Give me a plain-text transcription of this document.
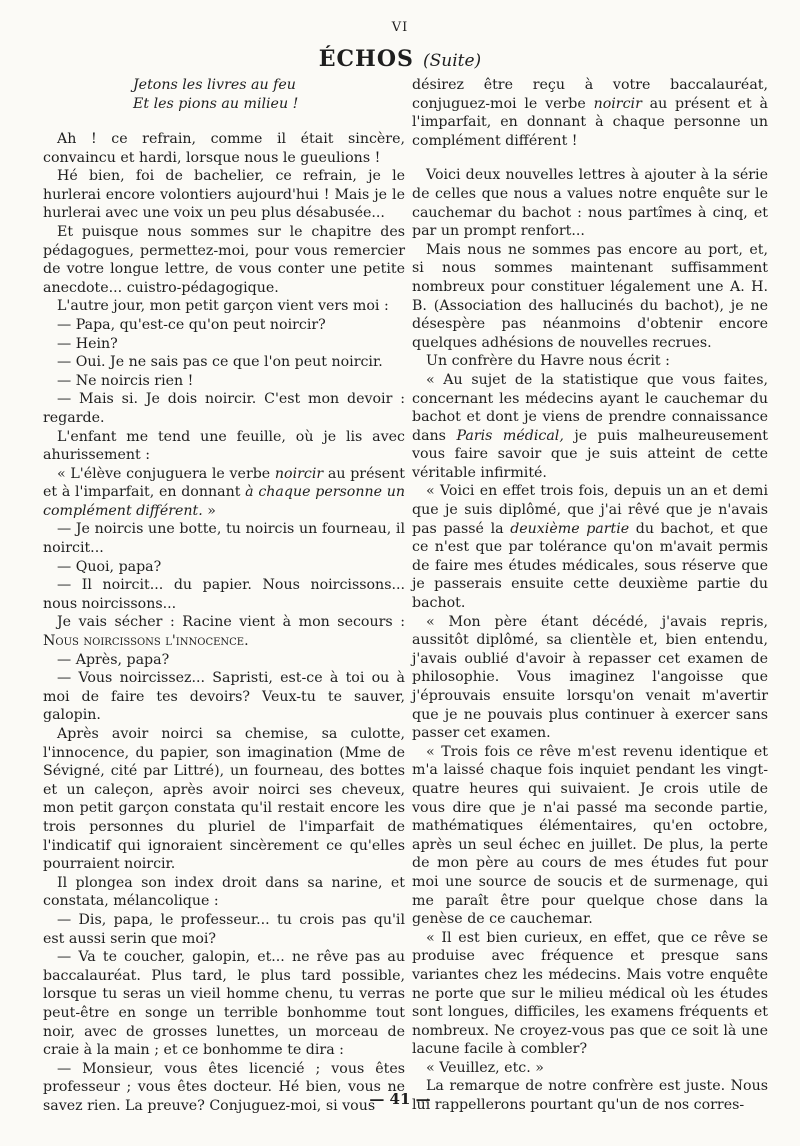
VI
ÉCHOS (Suite)
Jetons les livres au feu
Et les pions au milieu !

Ah ! ce refrain, comme il était sincère, convaincu et hardi, lorsque nous le gueulions !

Hé bien, foi de bachelier, ce refrain, je le hurlerai encore volontiers aujourd'hui ! Mais je le hurlerai avec une voix un peu plus désabusée...

Et puisque nous sommes sur le chapitre des pédagogues, permettez-moi, pour vous remercier de votre longue lettre, de vous conter une petite anecdote... cuistro-pédagogique.

L'autre jour, mon petit garçon vient vers moi :

— Papa, qu'est-ce qu'on peut noircir?

— Hein?

— Oui. Je ne sais pas ce que l'on peut noircir.

— Ne noircis rien !

— Mais si. Je dois noircir. C'est mon devoir : regarde.

L'enfant me tend une feuille, où je lis avec ahurissement :

« L'élève conjuguera le verbe noircir au présent et à l'imparfait, en donnant à chaque personne un complément différent. »

— Je noircis une botte, tu noircis un fourneau, il noircit...

— Quoi, papa?

— Il noircit... du papier. Nous noircissons... nous noircissons...

Je vais sécher : Racine vient à mon secours : Nous noircissons l'innocence.

— Après, papa?

— Vous noircissez... Sapristi, est-ce à toi ou à moi de faire tes devoirs? Veux-tu te sauver, galopin.

Après avoir noirci sa chemise, sa culotte, l'innocence, du papier, son imagination (Mme de Sévigné, cité par Littré), un fourneau, des bottes et un caleçon, après avoir noirci ses cheveux, mon petit garçon constata qu'il restait encore les trois personnes du pluriel de l'imparfait de l'indicatif qui ignoraient sincèrement ce qu'elles pourraient noircir.

Il plongea son index droit dans sa narine, et constata, mélancolique :

— Dis, papa, le professeur... tu crois pas qu'il est aussi serin que moi?

— Va te coucher, galopin, et... ne rêve pas au baccalauréat. Plus tard, le plus tard possible, lorsque tu seras un vieil homme chenu, tu verras peut-être en songe un terrible bonhomme tout noir, avec de grosses lunettes, un morceau de craie à la main ; et ce bonhomme te dira :

— Monsieur, vous êtes licencié ; vous êtes professeur ; vous êtes docteur. Hé bien, vous ne savez rien. La preuve? Conjuguez-moi, si vous

désirez être reçu à votre baccalauréat, conjuguez-moi le verbe noircir au présent et à l'imparfait, en donnant à chaque personne un complément différent !

Voici deux nouvelles lettres à ajouter à la série de celles que nous a values notre enquête sur le cauchemar du bachot : nous partîmes à cinq, et par un prompt renfort...

Mais nous ne sommes pas encore au port, et, si nous sommes maintenant suffisamment nombreux pour constituer légalement une A. H. B. (Association des hallucinés du bachot), je ne désespère pas néanmoins d'obtenir encore quelques adhésions de nouvelles recrues.

Un confrère du Havre nous écrit :

« Au sujet de la statistique que vous faites, concernant les médecins ayant le cauchemar du bachot et dont je viens de prendre connaissance dans Paris médical, je puis malheureusement vous faire savoir que je suis atteint de cette véritable infirmité.

« Voici en effet trois fois, depuis un an et demi que je suis diplômé, que j'ai rêvé que je n'avais pas passé la deuxième partie du bachot, et que ce n'est que par tolérance qu'on m'avait permis de faire mes études médicales, sous réserve que je passerais ensuite cette deuxième partie du bachot.

« Mon père étant décédé, j'avais repris, aussitôt diplômé, sa clientèle et, bien entendu, j'avais oublié d'avoir à repasser cet examen de philosophie. Vous imaginez l'angoisse que j'éprouvais ensuite lorsqu'on venait m'avertir que je ne pouvais plus continuer à exercer sans passer cet examen.

« Trois fois ce rêve m'est revenu identique et m'a laissé chaque fois inquiet pendant les vingt-quatre heures qui suivaient. Je crois utile de vous dire que je n'ai passé ma seconde partie, mathématiques élémentaires, qu'en octobre, après un seul échec en juillet. De plus, la perte de mon père au cours de mes études fut pour moi une source de soucis et de surmenage, qui me paraît être pour quelque chose dans la genèse de ce cauchemar.

« Il est bien curieux, en effet, que ce rêve se produise avec fréquence et presque sans variantes chez les médecins. Mais votre enquête ne porte que sur le milieu médical où les études sont longues, difficiles, les examens fréquents et nombreux. Ne croyez-vous pas que ce soit là une lacune facile à combler?

« Veuillez, etc. »

La remarque de notre confrère est juste. Nous lui rappellerons pourtant qu'un de nos corres-

— 41 —
